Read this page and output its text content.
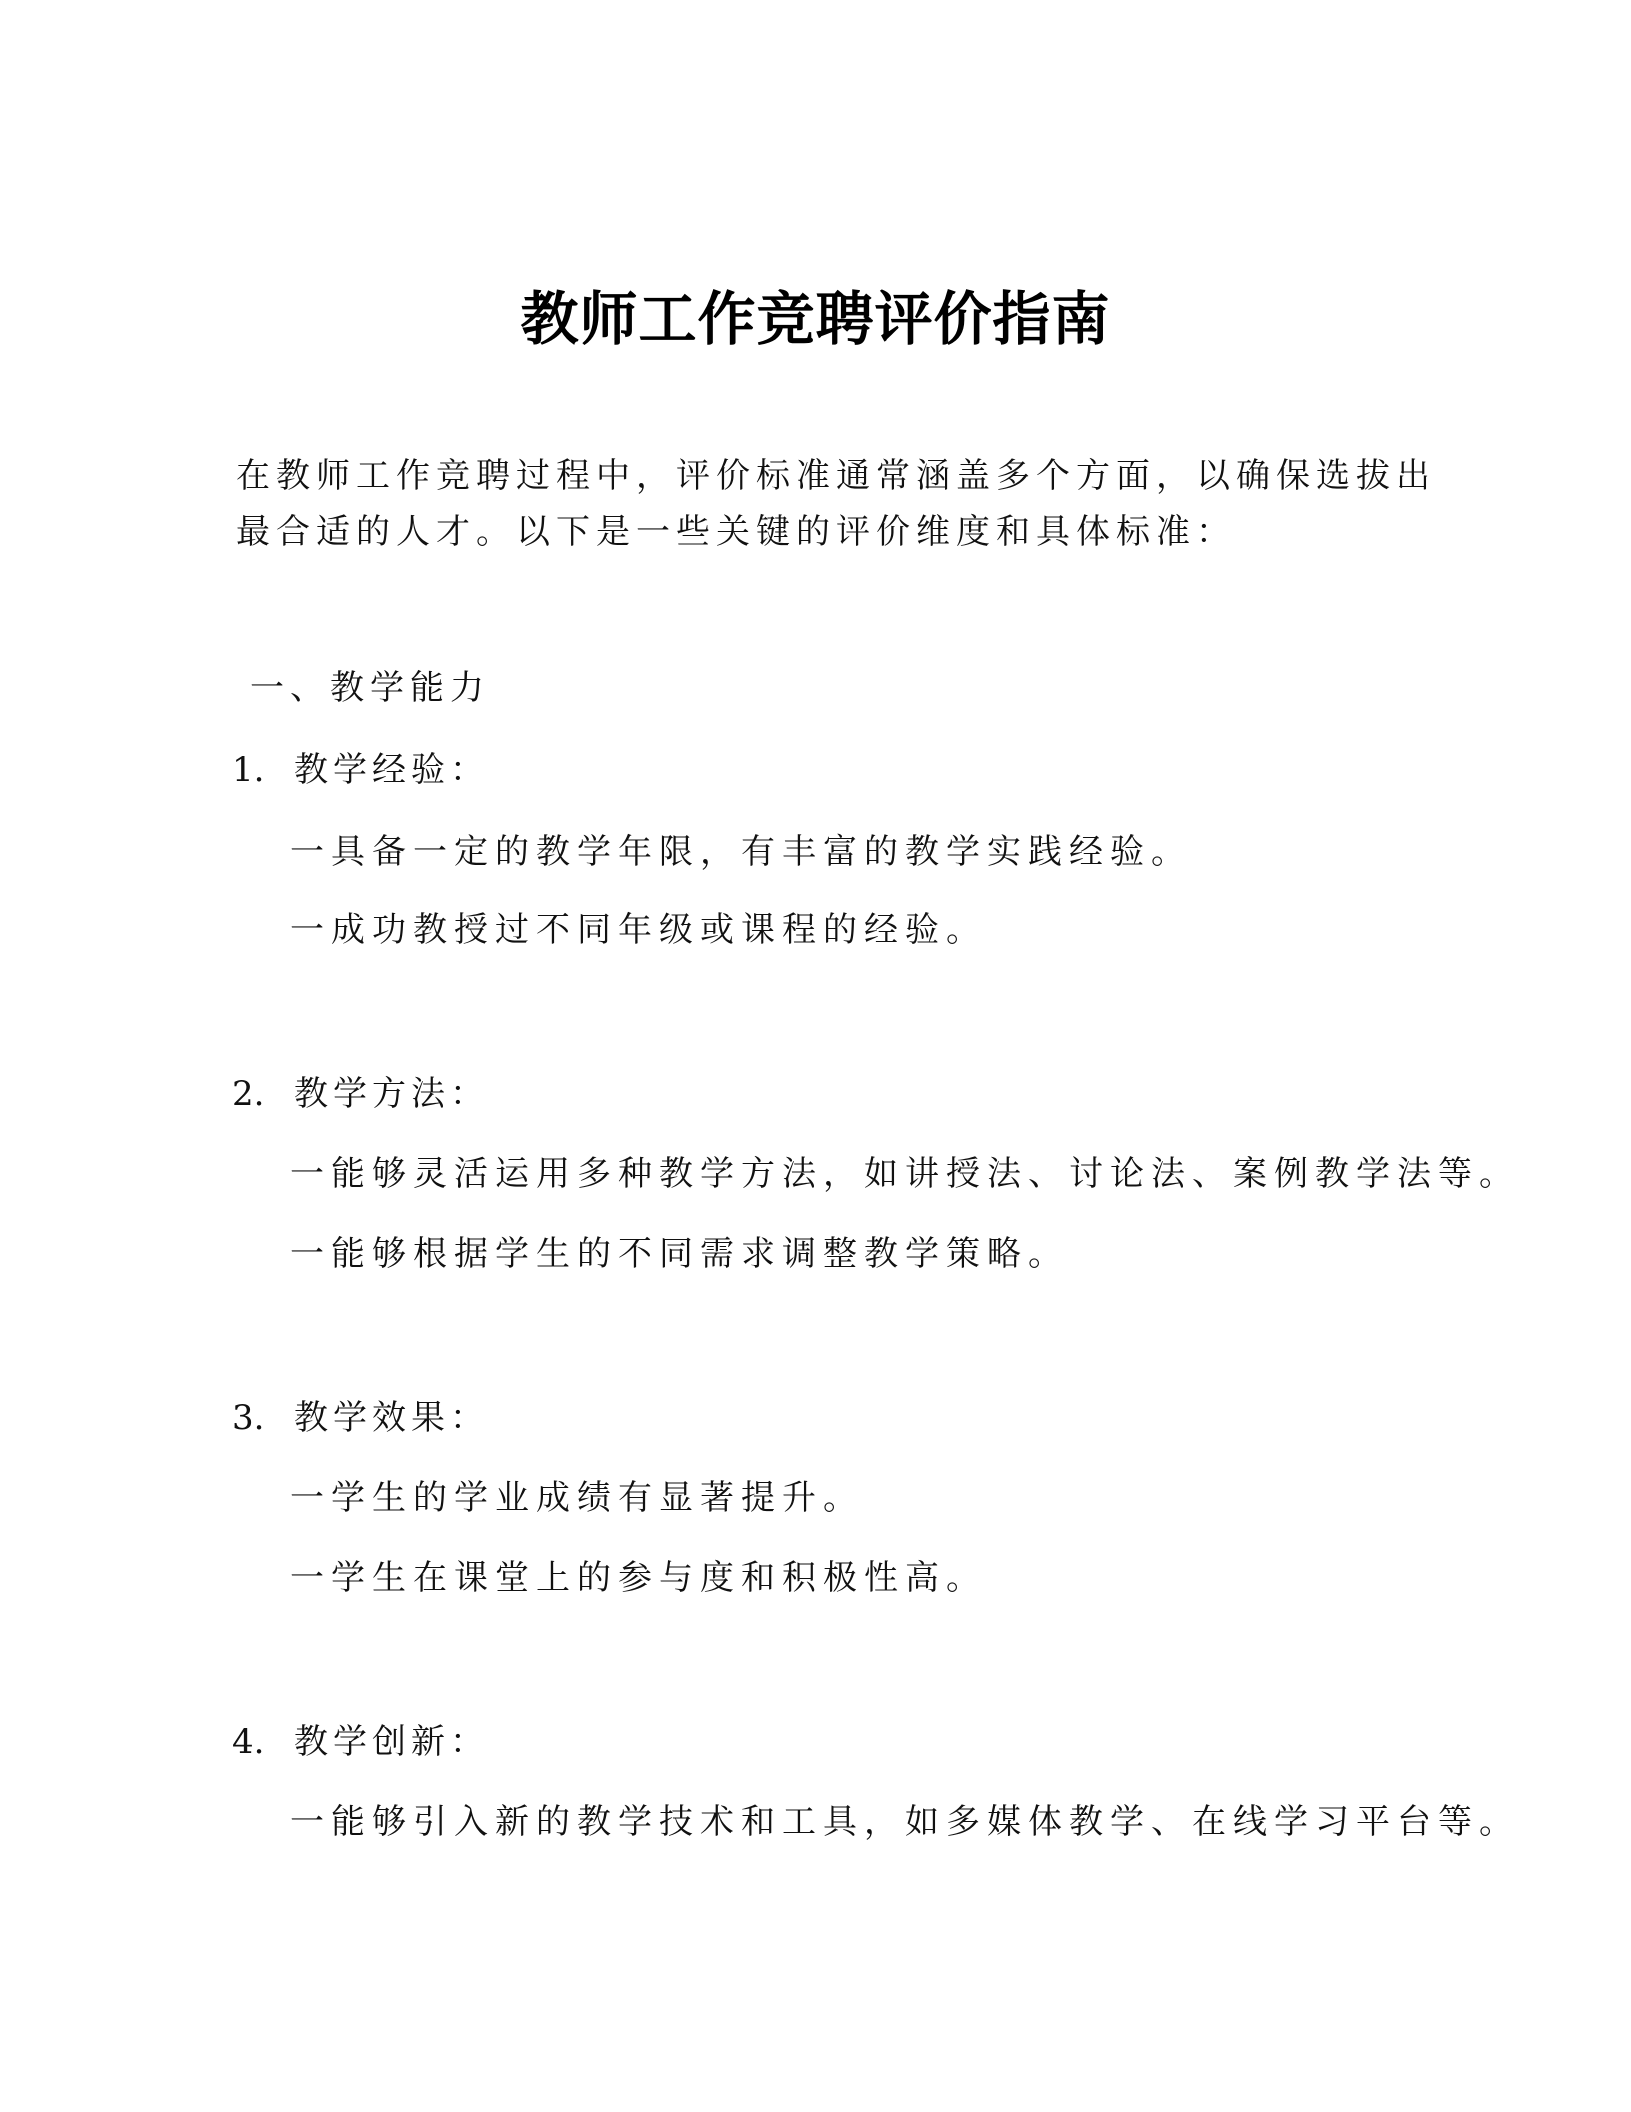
教师工作竞聘评价指南
在教师工作竞聘过程中，评价标准通常涵盖多个方面，以确保选拔出
最合适的人才。以下是一些关键的评价维度和具体标准：
一、教学能力
1. 教学经验：
一具备一定的教学年限，有丰富的教学实践经验。
一成功教授过不同年级或课程的经验。
2. 教学方法：
一能够灵活运用多种教学方法，如讲授法、讨论法、案例教学法等。
一能够根据学生的不同需求调整教学策略。
3. 教学效果：
一学生的学业成绩有显著提升。
一学生在课堂上的参与度和积极性高。
4. 教学创新：
一能够引入新的教学技术和工具，如多媒体教学、在线学习平台等。
